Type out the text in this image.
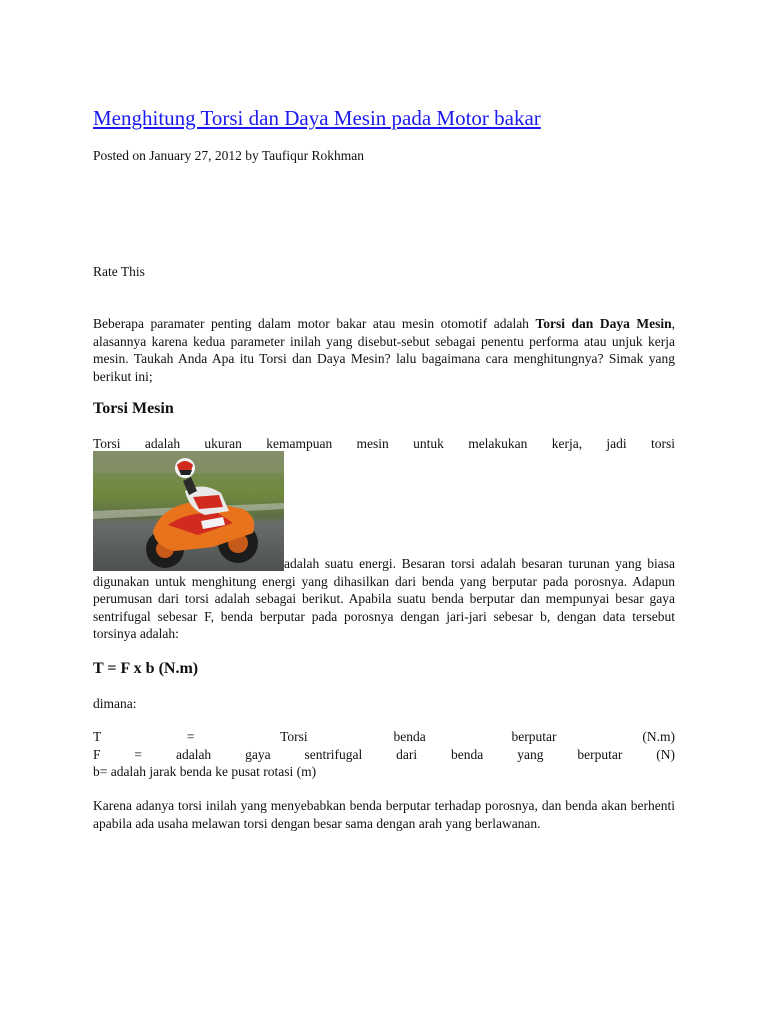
Menghitung Torsi dan Daya Mesin pada Motor bakar
Posted on January 27, 2012 by Taufiqur Rokhman
Rate This

Beberapa paramater penting dalam motor bakar atau mesin otomotif adalah Torsi dan Daya Mesin, alasannya karena kedua parameter inilah yang disebut-sebut sebagai penentu performa atau unjuk kerja mesin. Taukah Anda Apa itu Torsi dan Daya Mesin? lalu bagaimana cara menghitungnya? Simak yang berikut ini;

Torsi Mesin
Torsi adalah ukuran kemampuan mesin untuk melakukan kerja, jadi torsi
adalah suatu energi. Besaran torsi adalah besaran turunan yang biasa digunakan untuk menghitung energi yang dihasilkan dari benda yang berputar pada porosnya. Adapun perumusan dari torsi adalah sebagai berikut. Apabila suatu benda berputar dan mempunyai besar gaya sentrifugal sebesar F, benda berputar pada porosnya dengan jari-jari sebesar b, dengan data tersebut torsinya adalah:
T = F x b (N.m)
dimana:
T = Torsi benda berputar (N.m)
F = adalah gaya sentrifugal dari benda yang berputar (N)
b= adalah jarak benda ke pusat rotasi (m)

Karena adanya torsi inilah yang menyebabkan benda berputar terhadap porosnya, dan benda akan berhenti apabila ada usaha melawan torsi dengan besar sama dengan arah yang berlawanan.
